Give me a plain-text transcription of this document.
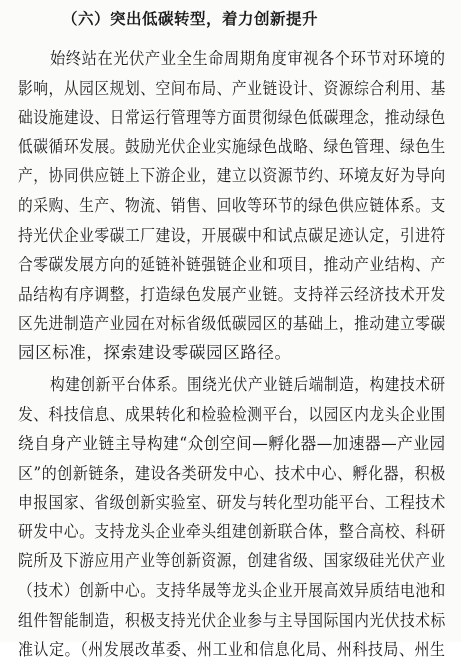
（六）突出低碳转型，着力创新提升
始终站在光伏产业全生命周期角度审视各个环节对环境的
影响，从园区规划、空间布局、产业链设计、资源综合利用、基
础设施建设、日常运行管理等方面贯彻绿色低碳理念，推动绿色
低碳循环发展。鼓励光伏企业实施绿色战略、绿色管理、绿色生
产，协同供应链上下游企业，建立以资源节约、环境友好为导向
的采购、生产、物流、销售、回收等环节的绿色供应链体系。支
持光伏企业零碳工厂建设，开展碳中和试点碳足迹认定，引进符
合零碳发展方向的延链补链强链企业和项目，推动产业结构、产
品结构有序调整，打造绿色发展产业链。支持祥云经济技术开发
区先进制造产业园在对标省级低碳园区的基础上，推动建立零碳
园区标准，探索建设零碳园区路径。
构建创新平台体系。围绕光伏产业链后端制造，构建技术研
发、科技信息、成果转化和检验检测平台，以园区内龙头企业围
绕自身产业链主导构建“众创空间—孵化器—加速器—产业园
区”的创新链条，建设各类研发中心、技术中心、孵化器，积极
申报国家、省级创新实验室、研发与转化型功能平台、工程技术
研发中心。支持龙头企业牵头组建创新联合体，整合高校、科研
院所及下游应用产业等创新资源，创建省级、国家级硅光伏产业
（技术）创新中心。支持华晟等龙头企业开展高效异质结电池和
组件智能制造，积极支持光伏企业参与主导国际国内光伏技术标
准认定。（州发展改革委、州工业和信息化局、州科技局、州生
